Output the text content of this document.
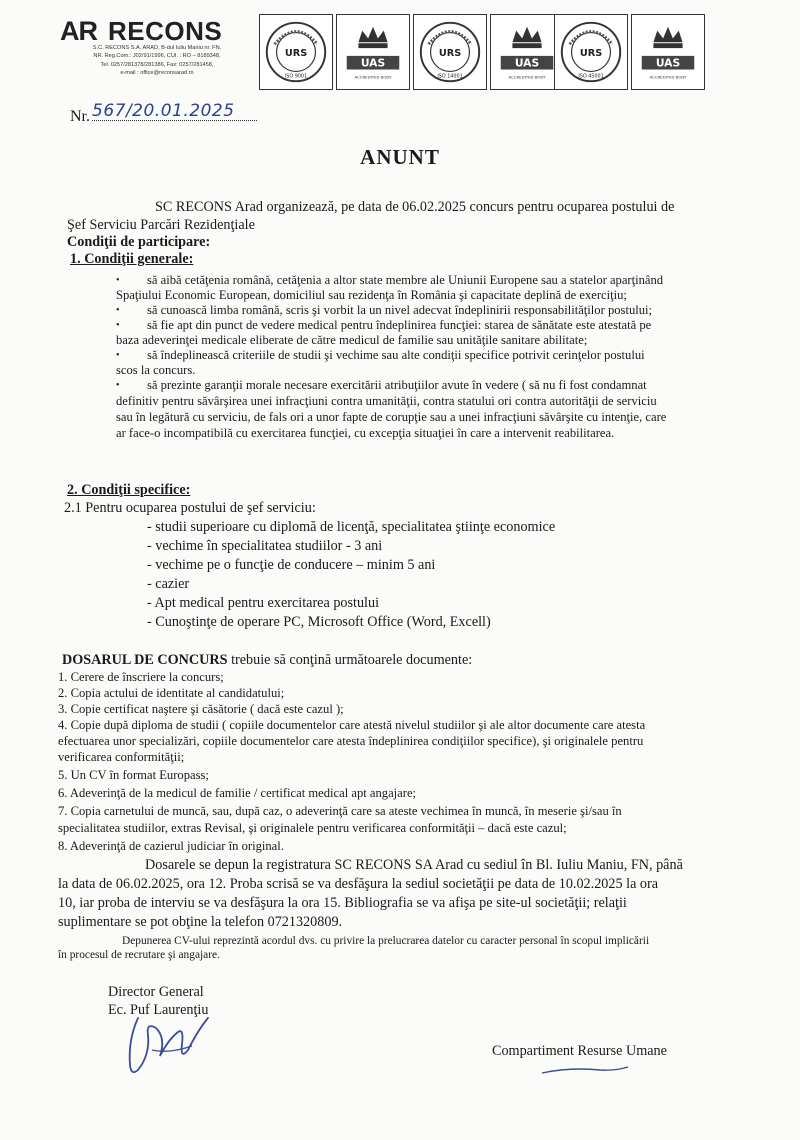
AR RECONS
S.C. RECONS S.A. ARAD, B-dul Iuliu Maniu nr. FN,
NR. Reg.Com.: J02/91/1996, CUI. : RO – 8189348,
Tel. 0257/281378/281386, Fax: 0257/281458,
e-mail : office@reconsarad.ro
URS
ISO 9001
UAS
ACCREDITED BODY
URS
ISO 14001
UAS
ACCREDITED BODY
URS
ISO 45001
UAS
ACCREDITED BODY
Nr. 567/20.01.2025
ANUNT
SC RECONS Arad organizează, pe data de 06.02.2025 concurs pentru ocuparea postului de
Şef Serviciu Parcări Rezidenţiale
Condiţii de participare:
1. Condiţii generale:
• să aibă cetăţenia română, cetăţenia a altor state membre ale Uniunii Europene sau a statelor aparţinând
Spaţiului Economic European, domiciliul sau rezidenţa în România şi capacitate deplină de exerciţiu;
• să cunoască limba română, scris şi vorbit la un nivel adecvat îndeplinirii responsabilităţilor postului;
• să fie apt din punct de vedere medical pentru îndeplinirea funcţiei: starea de sănătate este atestată pe
baza adeverinţei medicale eliberate de către medicul de familie sau unităţile sanitare abilitate;
• să îndeplinească criteriile de studii şi vechime sau alte condiţii specifice potrivit cerinţelor postului
scos la concurs.
• să prezinte garanţii morale necesare exercitării atribuţiilor avute în vedere ( să nu fi fost condamnat
definitiv pentru săvârşirea unei infracţiuni contra umanităţii, contra statului ori contra autorităţii de serviciu
sau în legătură cu serviciu, de fals ori a unor fapte de corupţie sau a unei infracţiuni săvârşite cu intenţie, care
ar face-o incompatibilă cu exercitarea funcţiei, cu excepţia situaţiei în care a intervenit reabilitarea.
2. Condiţii specifice:
2.1 Pentru ocuparea postului de şef serviciu:
- studii superioare cu diplomă de licenţă, specialitatea ştiinţe economice
- vechime în specialitatea studiilor - 3 ani
- vechime pe o funcţie de conducere – minim 5 ani
- cazier
- Apt medical pentru exercitarea postului
- Cunoştinţe de operare PC, Microsoft Office (Word, Excell)
DOSARUL DE CONCURS trebuie să conţină următoarele documente:
1. Cerere de înscriere la concurs;
2. Copia actului de identitate al candidatului;
3. Copie certificat naştere şi căsătorie ( dacă este cazul );
4. Copie după diploma de studii ( copiile documentelor care atestă nivelul studiilor şi ale altor documente care atesta
efectuarea unor specializări, copiile documentelor care atesta îndeplinirea condiţiilor specifice), şi originalele pentru
verificarea conformităţii;
5. Un CV în format Europass;
6. Adeverinţă de la medicul de familie / certificat medical apt angajare;
7. Copia carnetului de muncă, sau, după caz, o adeverinţă care sa ateste vechimea în muncă, în meserie şi/sau în
specialitatea studiilor, extras Revisal, şi originalele pentru verificarea conformităţii – dacă este cazul;
8. Adeverinţă de cazierul judiciar în original.
Dosarele se depun la registratura SC RECONS SA Arad cu sediul în Bl. Iuliu Maniu, FN, până
la data de 06.02.2025, ora 12. Proba scrisă se va desfăşura la sediul societăţii pe data de 10.02.2025 la ora
10, iar proba de interviu se va desfăşura la ora 15. Bibliografia se va afişa pe site-ul societăţii; relaţii
suplimentare se pot obţine la telefon 0721320809.
Depunerea CV-ului reprezintă acordul dvs. cu privire la prelucrarea datelor cu caracter personal în scopul implicării
în procesul de recrutare şi angajare.
Director General
Ec. Puf Laurenţiu
Compartiment Resurse Umane
